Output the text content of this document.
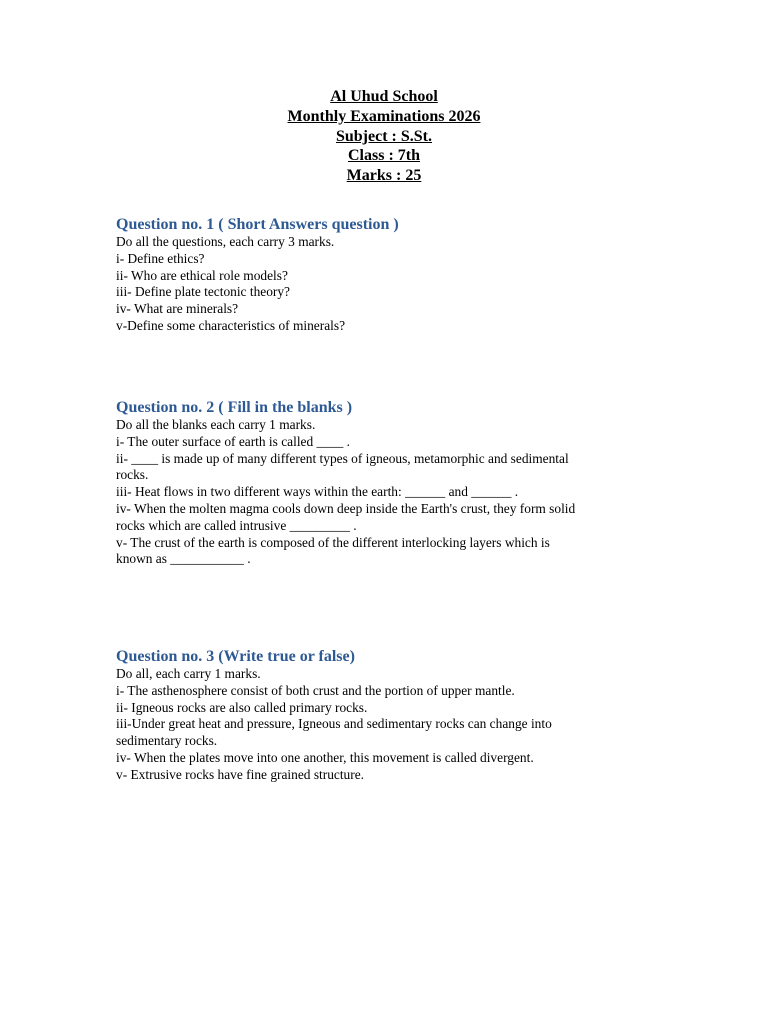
Al Uhud School
Monthly Examinations 2026
Subject : S.St.
Class : 7th
Marks : 25

Question no. 1 ( Short Answers question )

Do all the questions, each carry 3 marks.

i- Define ethics?

ii- Who are ethical role models?

iii- Define plate tectonic theory?

iv- What are minerals?

v-Define some characteristics of minerals?

Question no. 2 ( Fill in the blanks )

Do all the blanks each carry 1 marks.

i- The outer surface of earth is called ____ .

ii- ____ is made up of many different types of igneous, metamorphic and sedimental

rocks.

iii- Heat flows in two different ways within the earth: ______ and ______ .

iv- When the molten magma cools down deep inside the Earth's crust, they form solid

rocks which are called intrusive _________ .

v- The crust of the earth is composed of the different interlocking layers which is

known as ___________ .

Question no. 3 (Write true or false)

Do all, each carry 1 marks.

i- The asthenosphere consist of both crust and the portion of upper mantle.

ii- Igneous rocks are also called primary rocks.

iii-Under great heat and pressure, Igneous and sedimentary rocks can change into

sedimentary rocks.

iv- When the plates move into one another, this movement is called divergent.

v- Extrusive rocks have fine grained structure.
